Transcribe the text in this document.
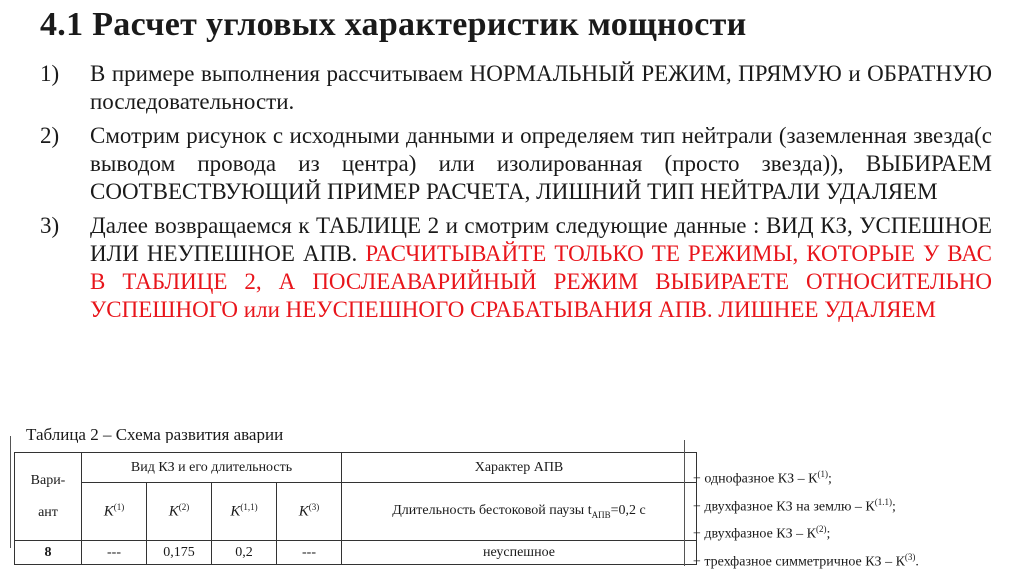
4.1 Расчет угловых характеристик мощности
1) В примере выполнения рассчитываем НОРМАЛЬНЫЙ РЕЖИМ, ПРЯМУЮ и ОБРАТНУЮ последовательности.
2) Смотрим рисунок с исходными данными и определяем тип нейтрали (заземленная звезда(с выводом провода из центра) или изолированная (просто звезда)), ВЫБИРАЕМ СООТВЕСТВУЮЩИЙ ПРИМЕР РАСЧЕТА, ЛИШНИЙ ТИП НЕЙТРАЛИ УДАЛЯЕМ
3) Далее возвращаемся к ТАБЛИЦЕ 2 и смотрим следующие данные : ВИД КЗ, УСПЕШНОЕ ИЛИ НЕУПЕШНОЕ АПВ. РАСЧИТЫВАЙТЕ ТОЛЬКО ТЕ РЕЖИМЫ, КОТОРЫЕ У ВАС В ТАБЛИЦЕ 2, А ПОСЛЕАВАРИЙНЫЙ РЕЖИМ ВЫБИРАЕТЕ ОТНОСИТЕЛЬНО УСПЕШНОГО или НЕУСПЕШНОГО СРАБАТЫВАНИЯ АПВ. ЛИШНЕЕ УДАЛЯЕМ
Таблица 2 – Схема развития аварии
Вари-

ант	Вид КЗ и его длительность				Характер АПВ
	$K^{(1)}$	$K^{(2)}$	K$^{(1,1)}$	$K^{(3)}$	Длительность бестоковой паузы $t_{АПВ}=0,2$ с
8	---	0,175	0,2	---	неуспешное
− однофазное КЗ – $К^{(1)}$;
− двухфазное КЗ на землю – $К^{(1.1)}$;
− двухфазное КЗ – $К^{(2)}$;
− трехфазное симметричное КЗ – $К^{(3)}$.
